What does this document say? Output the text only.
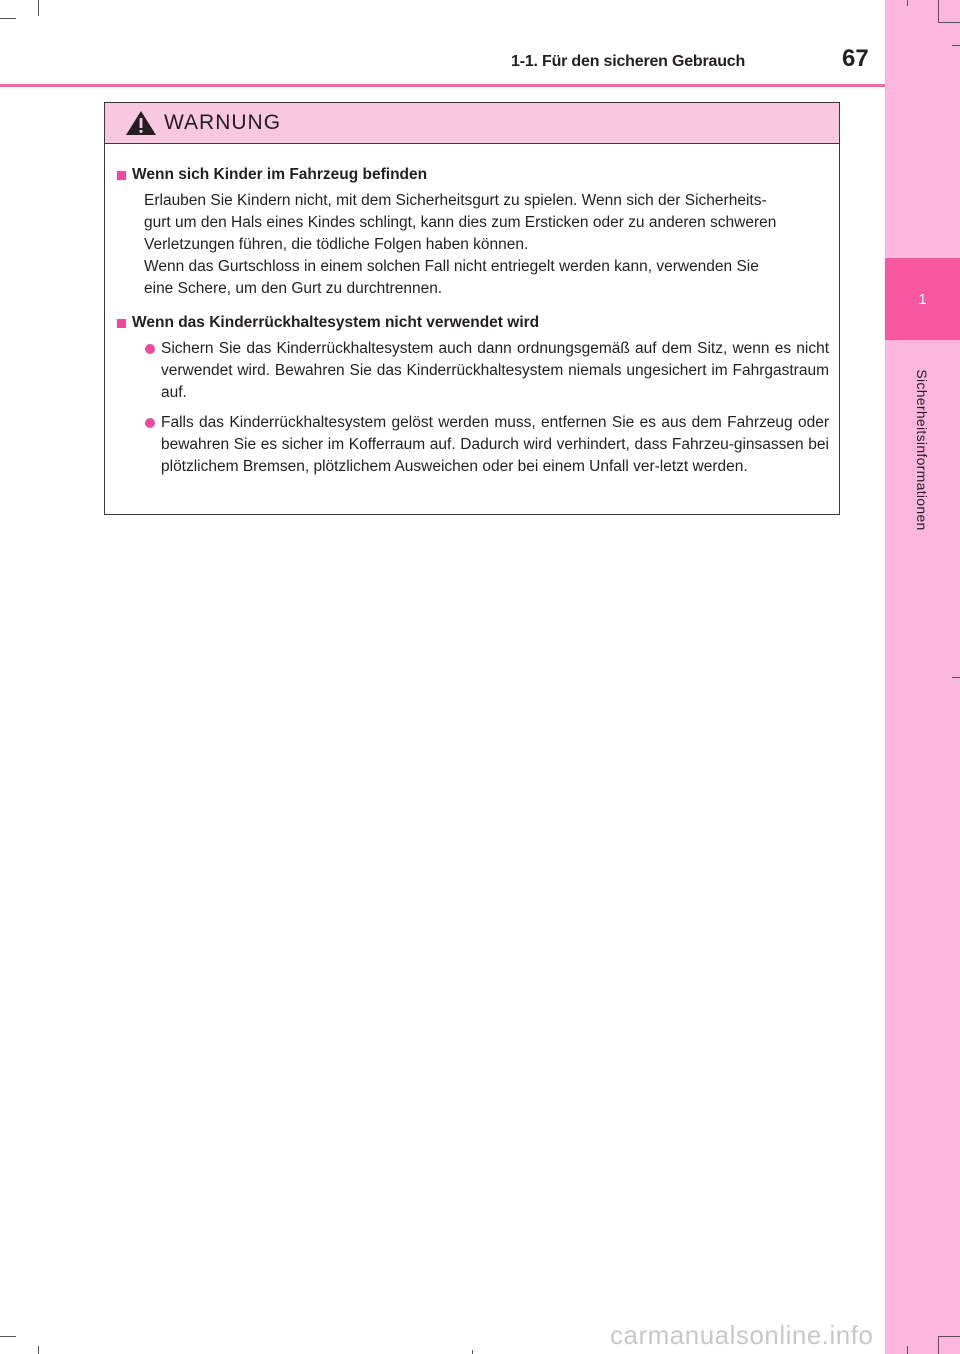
1
Sicherheitsinformationen
1-1. Für den sicheren Gebrauch	67
WARNUNG
Wenn sich Kinder im Fahrzeug befinden
Erlauben Sie Kindern nicht, mit dem Sicherheitsgurt zu spielen. Wenn sich der Sicherheits-
gurt um den Hals eines Kindes schlingt, kann dies zum Ersticken oder zu anderen schweren
Verletzungen führen, die tödliche Folgen haben können.
Wenn das Gurtschloss in einem solchen Fall nicht entriegelt werden kann, verwenden Sie
eine Schere, um den Gurt zu durchtrennen.
Wenn das Kinderrückhaltesystem nicht verwendet wird
Sichern Sie das Kinderrückhaltesystem auch dann ordnungsgemäß auf dem Sitz, wenn es nicht verwendet wird. Bewahren Sie das Kinderrückhaltesystem niemals ungesichert im Fahrgastraum auf.
Falls das Kinderrückhaltesystem gelöst werden muss, entfernen Sie es aus dem Fahrzeug oder bewahren Sie es sicher im Kofferraum auf. Dadurch wird verhindert, dass Fahrzeu-ginsassen bei plötzlichem Bremsen, plötzlichem Ausweichen oder bei einem Unfall ver-letzt werden.
carmanualsonline.info
